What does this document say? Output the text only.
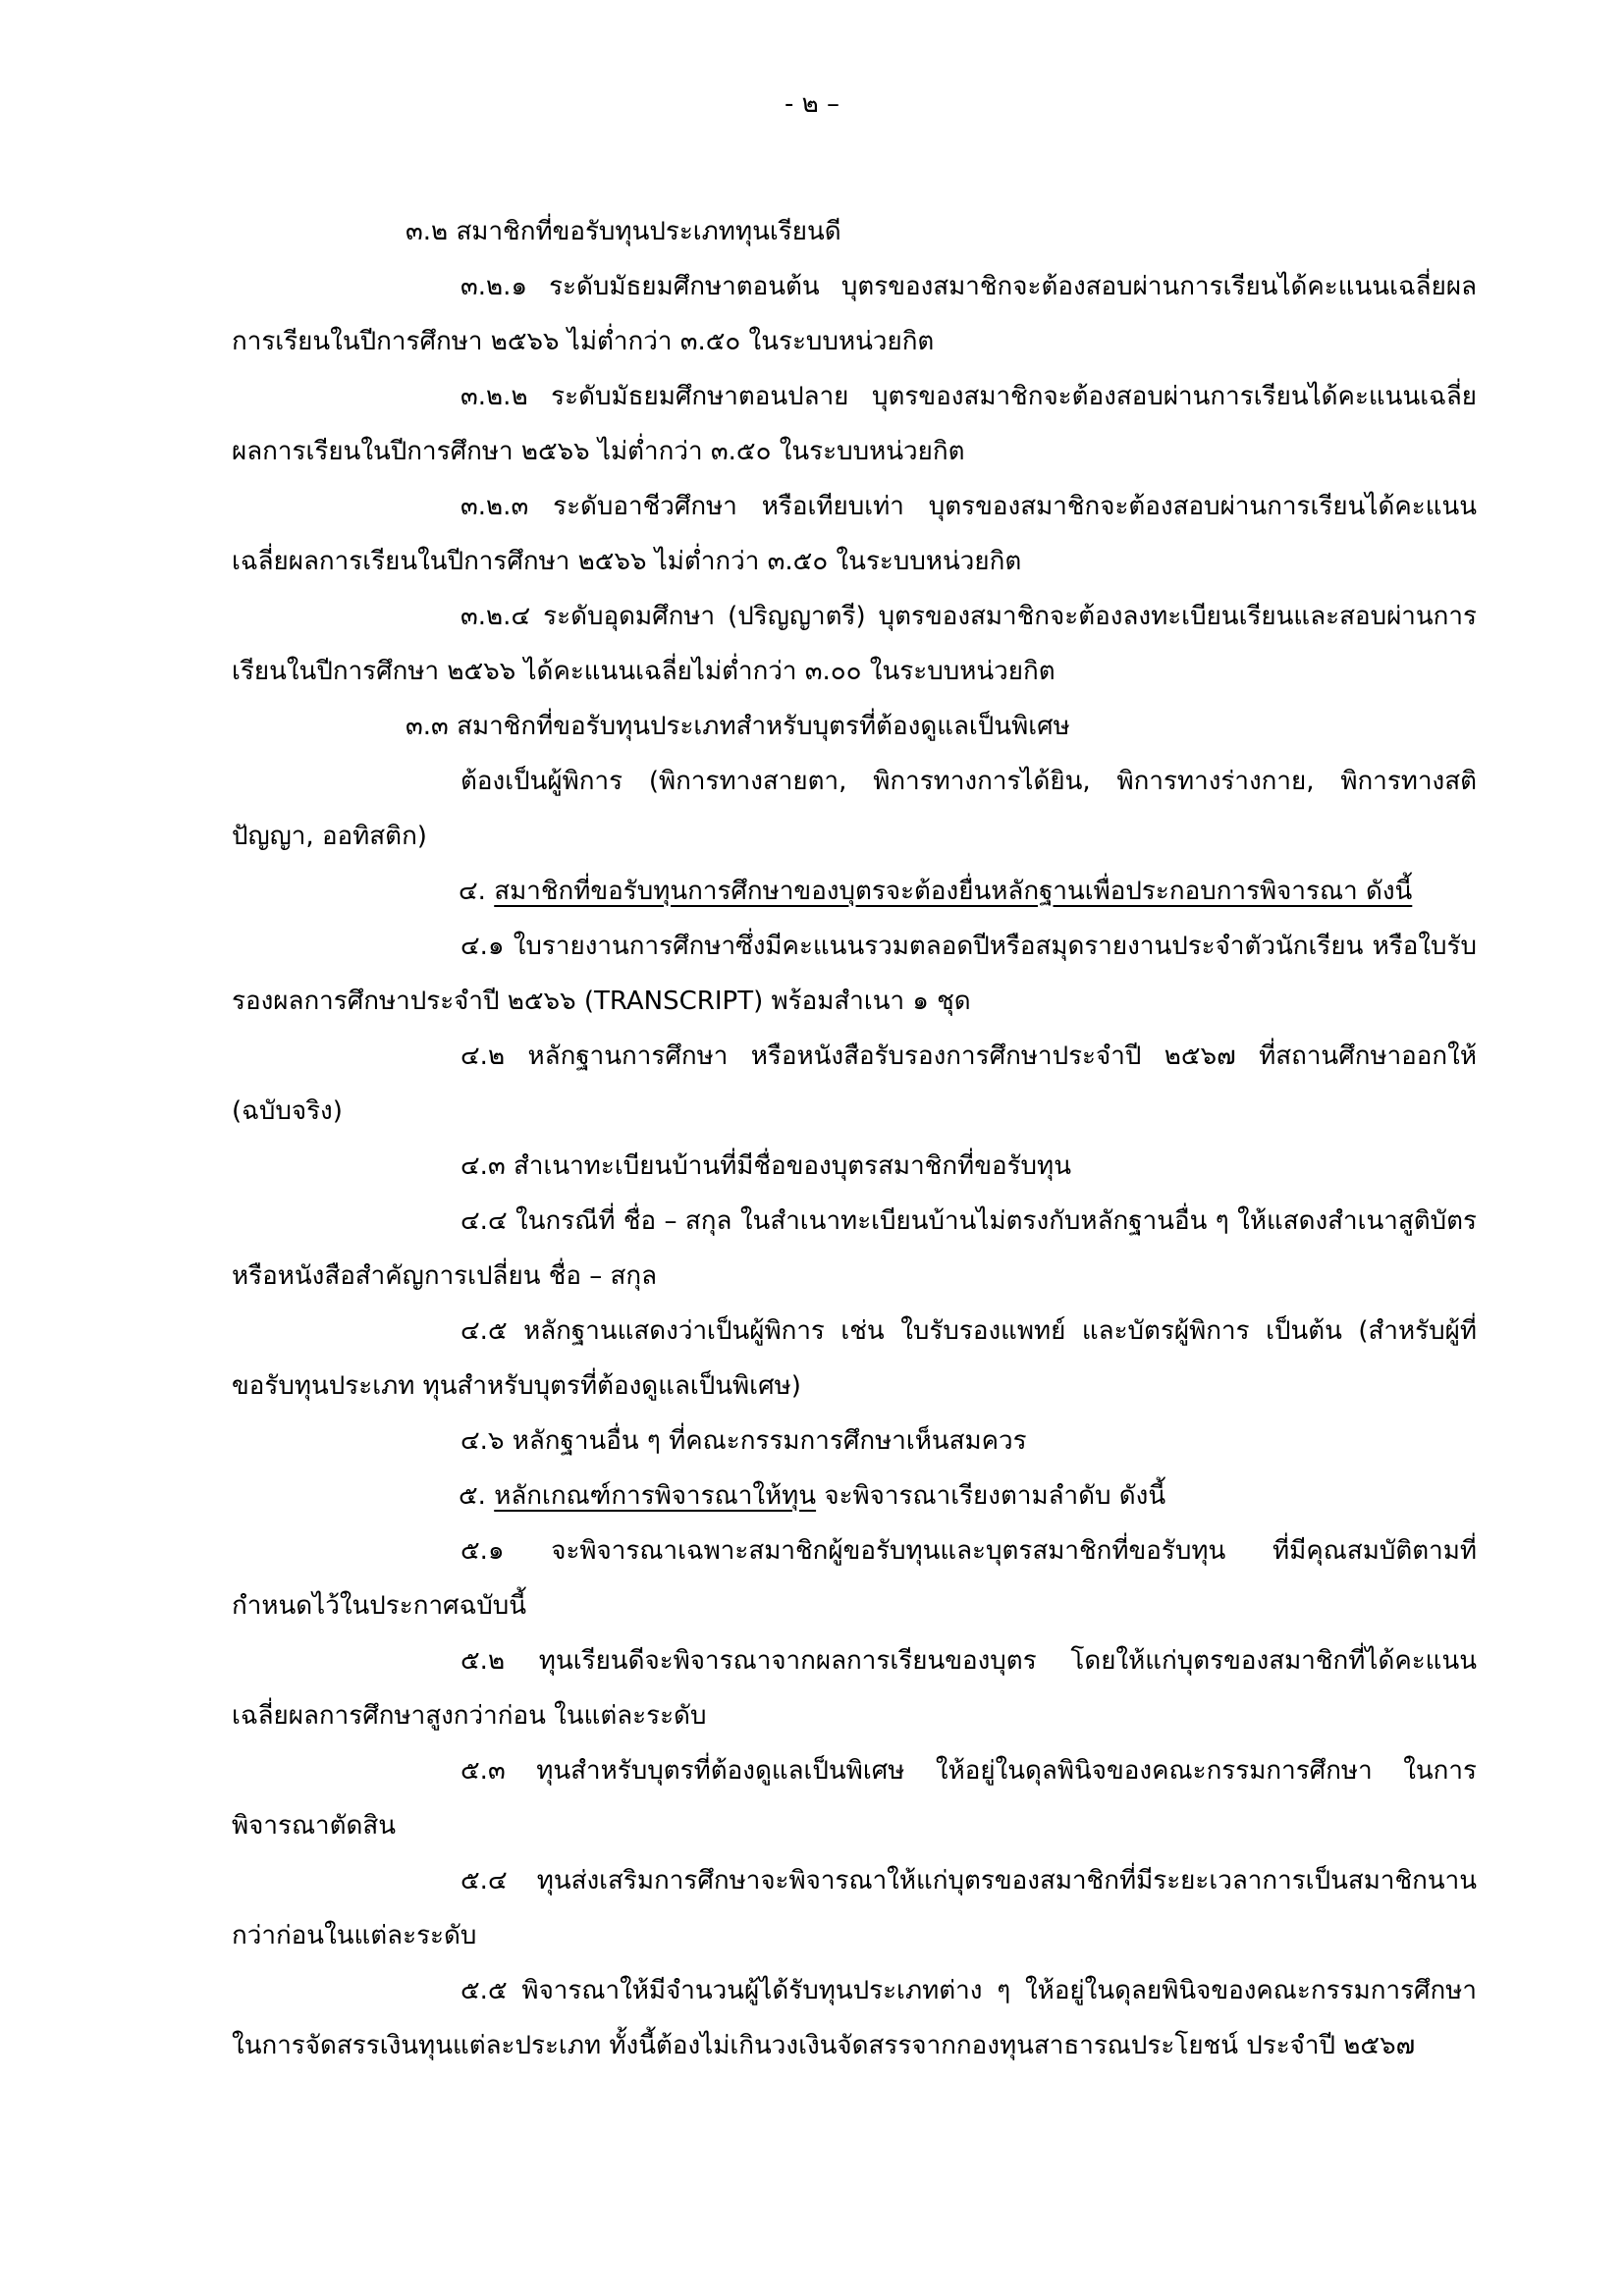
- ๒ –

๓.๒ สมาชิกที่ขอรับทุนประเภททุนเรียนดี

๓.๒.๑ ระดับมัธยมศึกษาตอนต้น บุตรของสมาชิกจะต้องสอบผ่านการเรียนได้คะแนนเฉลี่ยผลการเรียนในปีการศึกษา ๒๕๖๖ ไม่ต่ำกว่า ๓.๕๐ ในระบบหน่วยกิต

๓.๒.๒ ระดับมัธยมศึกษาตอนปลาย บุตรของสมาชิกจะต้องสอบผ่านการเรียนได้คะแนนเฉลี่ยผลการเรียนในปีการศึกษา ๒๕๖๖ ไม่ต่ำกว่า ๓.๕๐ ในระบบหน่วยกิต

๓.๒.๓ ระดับอาชีวศึกษา หรือเทียบเท่า บุตรของสมาชิกจะต้องสอบผ่านการเรียนได้คะแนนเฉลี่ยผลการเรียนในปีการศึกษา ๒๕๖๖ ไม่ต่ำกว่า ๓.๕๐ ในระบบหน่วยกิต

๓.๒.๔ ระดับอุดมศึกษา (ปริญญาตรี) บุตรของสมาชิกจะต้องลงทะเบียนเรียนและสอบผ่านการเรียนในปีการศึกษา ๒๕๖๖ ได้คะแนนเฉลี่ยไม่ต่ำกว่า ๓.๐๐ ในระบบหน่วยกิต

๓.๓ สมาชิกที่ขอรับทุนประเภทสำหรับบุตรที่ต้องดูแลเป็นพิเศษ

ต้องเป็นผู้พิการ (พิการทางสายตา, พิการทางการได้ยิน, พิการทางร่างกาย, พิการทางสติปัญญา, ออทิสติก)

๔. สมาชิกที่ขอรับทุนการศึกษาของบุตรจะต้องยื่นหลักฐานเพื่อประกอบการพิจารณา ดังนี้

๔.๑ ใบรายงานการศึกษาซึ่งมีคะแนนรวมตลอดปีหรือสมุดรายงานประจำตัวนักเรียน หรือใบรับรองผลการศึกษาประจำปี ๒๕๖๖ (TRANSCRIPT) พร้อมสำเนา ๑ ชุด

๔.๒ หลักฐานการศึกษา หรือหนังสือรับรองการศึกษาประจำปี ๒๕๖๗ ที่สถานศึกษาออกให้ (ฉบับจริง)

๔.๓ สำเนาทะเบียนบ้านที่มีชื่อของบุตรสมาชิกที่ขอรับทุน

๔.๔ ในกรณีที่ ชื่อ – สกุล ในสำเนาทะเบียนบ้านไม่ตรงกับหลักฐานอื่น ๆ ให้แสดงสำเนาสูติบัตร หรือหนังสือสำคัญการเปลี่ยน ชื่อ – สกุล

๔.๕ หลักฐานแสดงว่าเป็นผู้พิการ เช่น ใบรับรองแพทย์ และบัตรผู้พิการ เป็นต้น (สำหรับผู้ที่ขอรับทุนประเภท ทุนสำหรับบุตรที่ต้องดูแลเป็นพิเศษ)

๔.๖ หลักฐานอื่น ๆ ที่คณะกรรมการศึกษาเห็นสมควร

๕. หลักเกณฑ์การพิจารณาให้ทุน จะพิจารณาเรียงตามลำดับ ดังนี้

๕.๑ จะพิจารณาเฉพาะสมาชิกผู้ขอรับทุนและบุตรสมาชิกที่ขอรับทุน ที่มีคุณสมบัติตามที่กำหนดไว้ในประกาศฉบับนี้

๕.๒ ทุนเรียนดีจะพิจารณาจากผลการเรียนของบุตร โดยให้แก่บุตรของสมาชิกที่ได้คะแนนเฉลี่ยผลการศึกษาสูงกว่าก่อน ในแต่ละระดับ

๕.๓ ทุนสำหรับบุตรที่ต้องดูแลเป็นพิเศษ ให้อยู่ในดุลพินิจของคณะกรรมการศึกษา ในการพิจารณาตัดสิน

๕.๔ ทุนส่งเสริมการศึกษาจะพิจารณาให้แก่บุตรของสมาชิกที่มีระยะเวลาการเป็นสมาชิกนานกว่าก่อนในแต่ละระดับ

๕.๕ พิจารณาให้มีจำนวนผู้ได้รับทุนประเภทต่าง ๆ ให้อยู่ในดุลยพินิจของคณะกรรมการศึกษาในการจัดสรรเงินทุนแต่ละประเภท ทั้งนี้ต้องไม่เกินวงเงินจัดสรรจากกองทุนสาธารณประโยชน์ ประจำปี ๒๕๖๗
